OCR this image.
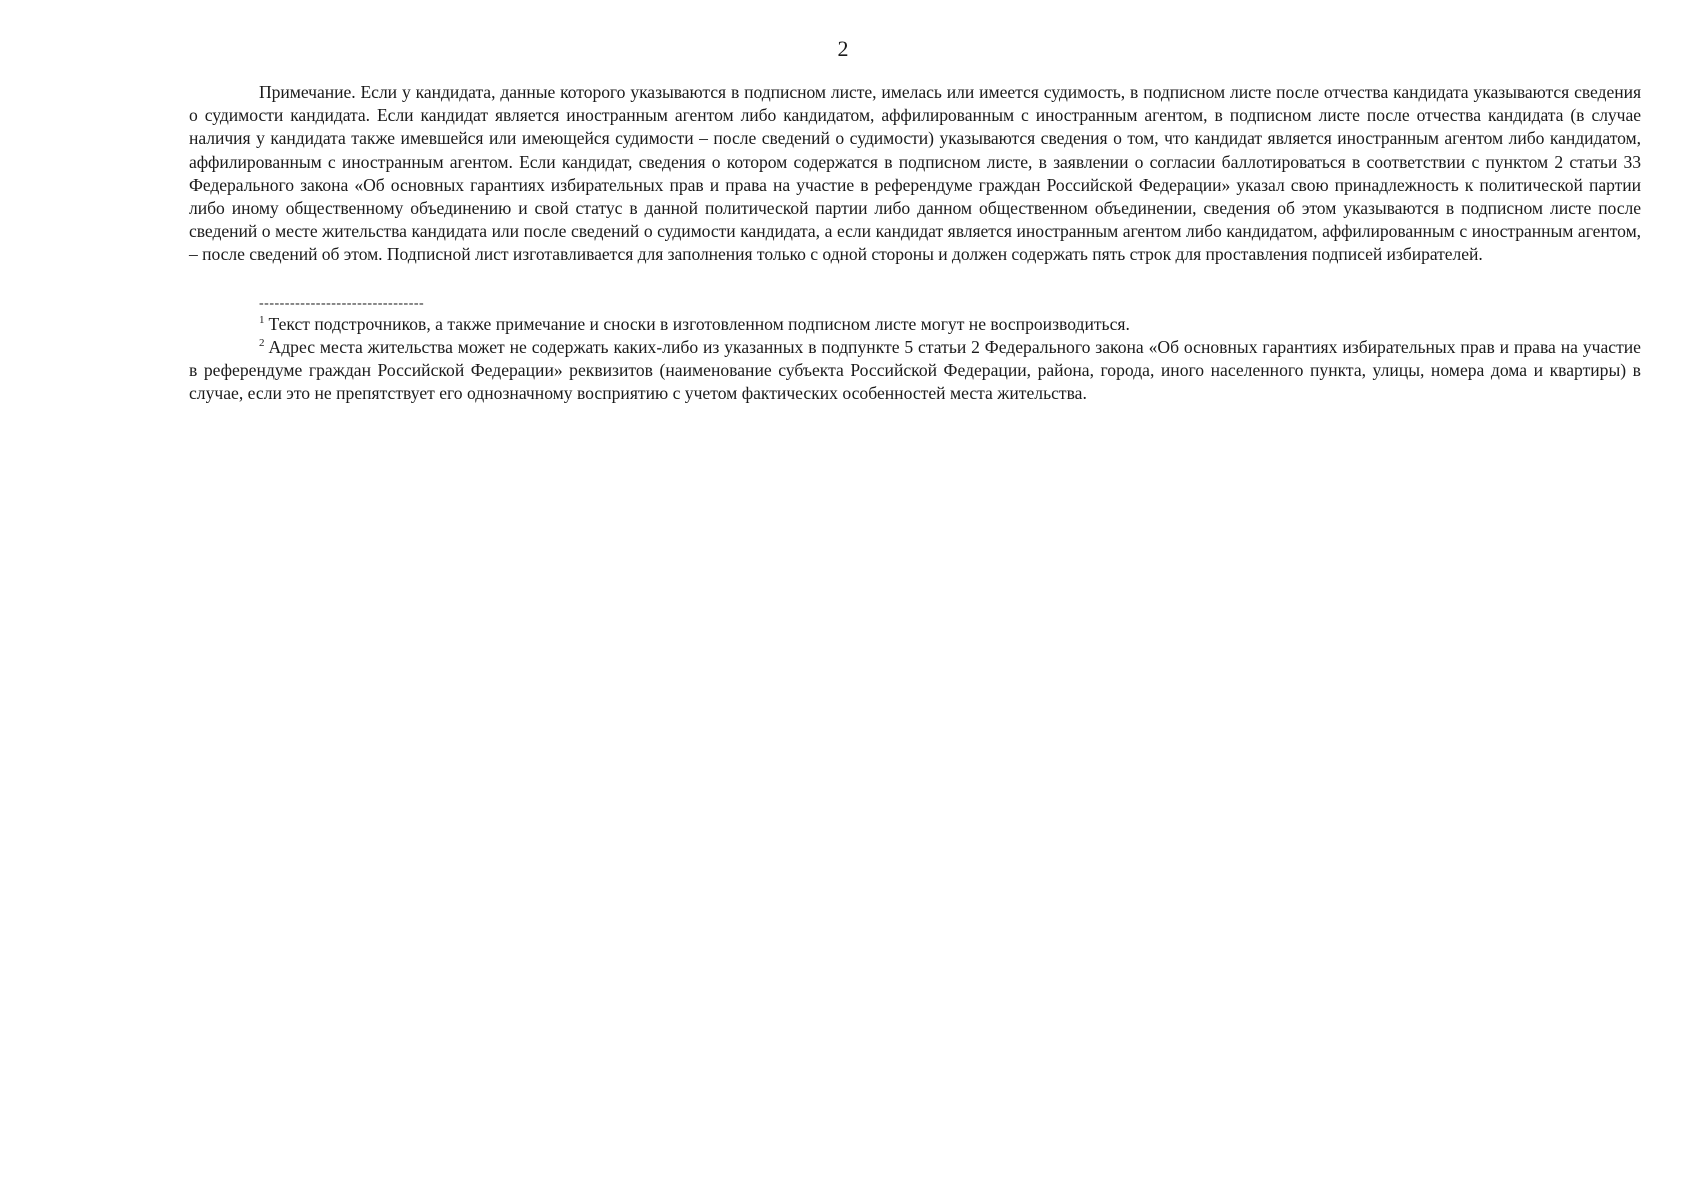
2

Примечание. Если у кандидата, данные которого указываются в подписном листе, имелась или имеется судимость, в подписном листе после отчества кандидата указываются сведения о судимости кандидата. Если кандидат является иностранным агентом либо кандидатом, аффилированным с иностранным агентом, в подписном листе после отчества кандидата (в случае наличия у кандидата также имевшейся или имеющейся судимости – после сведений о судимости) указываются сведения о том, что кандидат является иностранным агентом либо кандидатом, аффилированным с иностранным агентом. Если кандидат, сведения о котором содержатся в подписном листе, в заявлении о согласии баллотироваться в соответствии с пунктом 2 статьи 33 Федерального закона «Об основных гарантиях избирательных прав и права на участие в референдуме граждан Российской Федерации» указал свою принадлежность к политической партии либо иному общественному объединению и свой статус в данной политической партии либо данном общественном объединении, сведения об этом указываются в подписном листе после сведений о месте жительства кандидата или после сведений о судимости кандидата, а если кандидат является иностранным агентом либо кандидатом, аффилированным с иностранным агентом, – после сведений об этом. Подписной лист изготавливается для заполнения только с одной стороны и должен содержать пять строк для проставления подписей избирателей.

--------------------------------

$^1$ Текст подстрочников, а также примечание и сноски в изготовленном подписном листе могут не воспроизводиться.

$^2$ Адрес места жительства может не содержать каких-либо из указанных в подпункте 5 статьи 2 Федерального закона «Об основных гарантиях избирательных прав и права на участие в референдуме граждан Российской Федерации» реквизитов (наименование субъекта Российской Федерации, района, города, иного населенного пункта, улицы, номера дома и квартиры) в случае, если это не препятствует его однозначному восприятию с учетом фактических особенностей места жительства.
